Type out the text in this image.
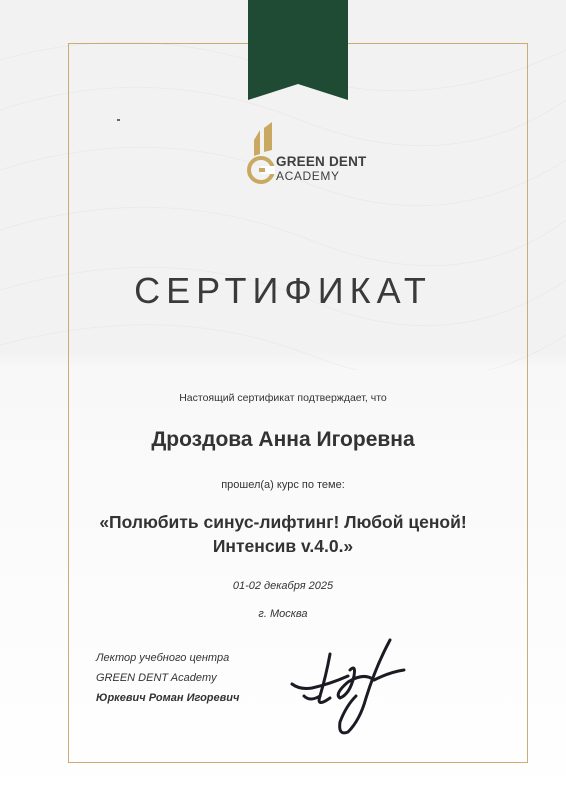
GREEN DENT
ACADEMY
СЕРТИФИКАТ
Настоящий сертификат подтверждает, что
Дроздова Анна Игоревна
прошел(а) курс по теме:
«Полюбить синус-лифтинг! Любой ценой!
Интенсив v.4.0.»
01-02 декабря 2025
г. Москва
Лектор учебного центра
GREEN DENT Academy
Юркевич Роман Игоревич
